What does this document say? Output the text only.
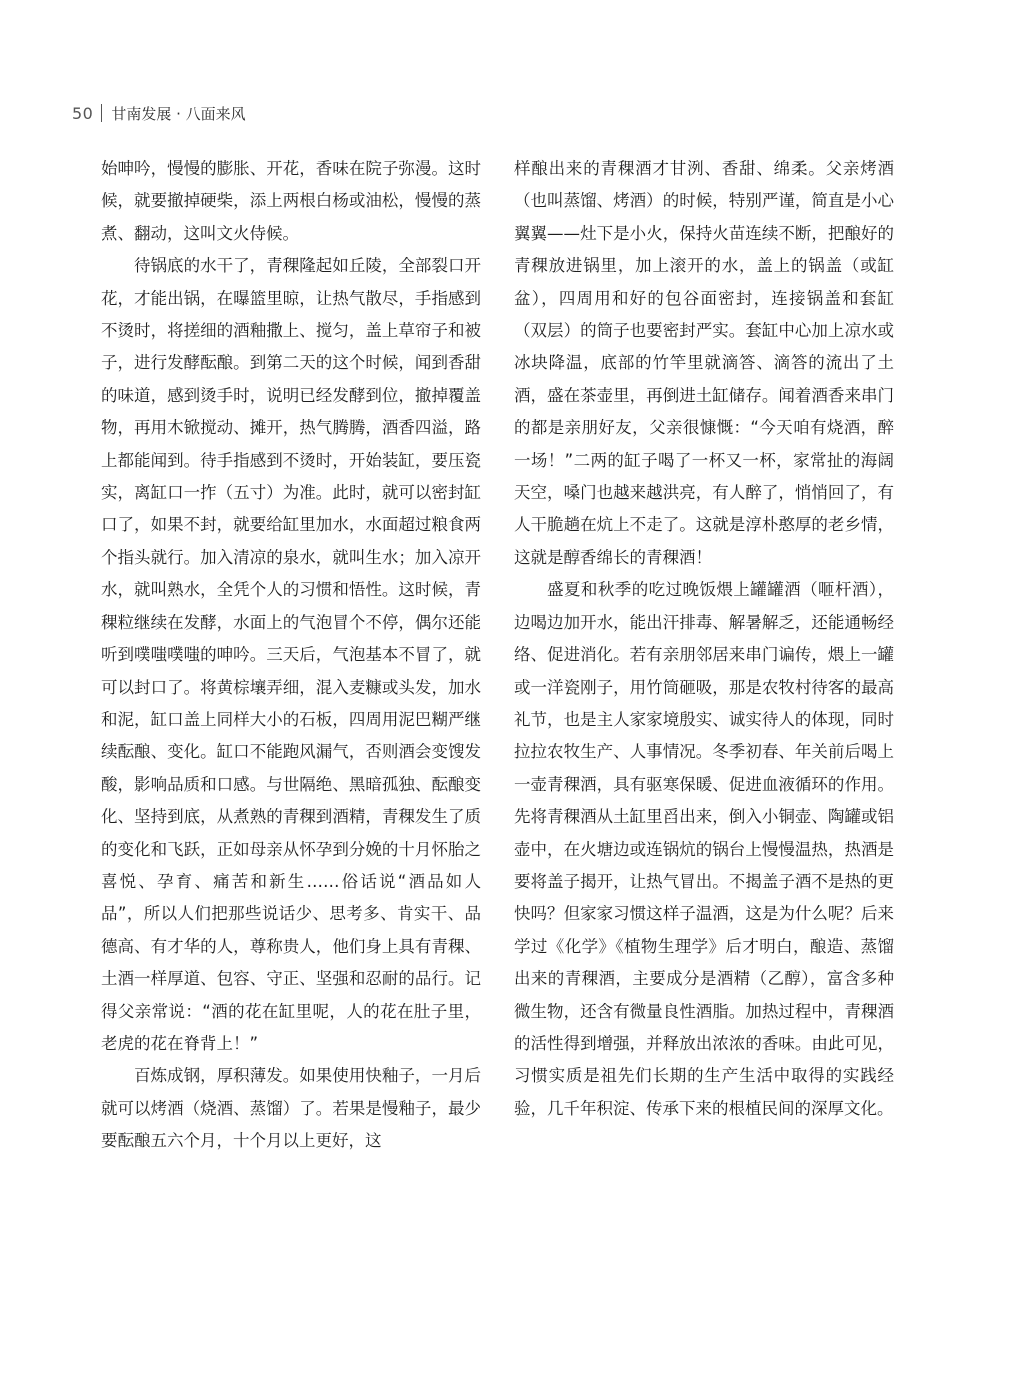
50 甘南发展 · 八面来风

始呻吟，慢慢的膨胀、开花，香味在院子弥漫。这时候，就要撤掉硬柴，添上两根白杨或油松，慢慢的蒸煮、翻动，这叫文火侍候。

待锅底的水干了，青稞隆起如丘陵，全部裂口开花，才能出锅，在曝篮里晾，让热气散尽，手指感到不烫时，将搓细的酒釉撒上、搅匀，盖上草帘子和被子，进行发酵酝酿。到第二天的这个时候，闻到香甜的味道，感到烫手时，说明已经发酵到位，撤掉覆盖物，再用木锨搅动、摊开，热气腾腾，酒香四溢，路上都能闻到。待手指感到不烫时，开始装缸，要压瓷实，离缸口一拃（五寸）为准。此时，就可以密封缸口了，如果不封，就要给缸里加水，水面超过粮食两个指头就行。加入清凉的泉水，就叫生水；加入凉开水，就叫熟水，全凭个人的习惯和悟性。这时候，青稞粒继续在发酵，水面上的气泡冒个不停，偶尔还能听到噗嗤噗嗤的呻吟。三天后，气泡基本不冒了，就可以封口了。将黄棕壤弄细，混入麦糠或头发，加水和泥，缸口盖上同样大小的石板，四周用泥巴糊严继续酝酿、变化。缸口不能跑风漏气，否则酒会变馊发酸，影响品质和口感。与世隔绝、黑暗孤独、酝酿变化、坚持到底，从煮熟的青稞到酒精，青稞发生了质的变化和飞跃，正如母亲从怀孕到分娩的十月怀胎之喜悦、孕育、痛苦和新生……俗话说“酒品如人品”，所以人们把那些说话少、思考多、肯实干、品德高、有才华的人，尊称贵人，他们身上具有青稞、土酒一样厚道、包容、守正、坚强和忍耐的品行。记得父亲常说：“酒的花在缸里呢，人的花在肚子里，老虎的花在脊背上！”

百炼成钢，厚积薄发。如果使用快釉子，一月后就可以烤酒（烧酒、蒸馏）了。若果是慢釉子，最少要酝酿五六个月，十个月以上更好，这

样酿出来的青稞酒才甘洌、香甜、绵柔。父亲烤酒（也叫蒸馏、烤酒）的时候，特别严谨，简直是小心翼翼——灶下是小火，保持火苗连续不断，把酿好的青稞放进锅里，加上滚开的水，盖上的锅盖（或缸盆），四周用和好的包谷面密封，连接锅盖和套缸（双层）的筒子也要密封严实。套缸中心加上凉水或冰块降温，底部的竹竿里就滴答、滴答的流出了土酒，盛在茶壶里，再倒进土缸储存。闻着酒香来串门的都是亲朋好友，父亲很慷慨：“今天咱有烧酒，醉一场！”二两的缸子喝了一杯又一杯，家常扯的海阔天空，嗓门也越来越洪亮，有人醉了，悄悄回了，有人干脆趟在炕上不走了。这就是淳朴憨厚的老乡情，这就是醇香绵长的青稞酒！

盛夏和秋季的吃过晚饭煨上罐罐酒（咂杆酒），边喝边加开水，能出汗排毒、解暑解乏，还能通畅经络、促进消化。若有亲朋邻居来串门谝传，煨上一罐或一洋瓷刚子，用竹筒砸吸，那是农牧村待客的最高礼节，也是主人家家境殷实、诚实待人的体现，同时拉拉农牧生产、人事情况。冬季初春、年关前后喝上一壶青稞酒，具有驱寒保暖、促进血液循环的作用。先将青稞酒从土缸里舀出来，倒入小铜壶、陶罐或铝壶中，在火塘边或连锅炕的锅台上慢慢温热，热酒是要将盖子揭开，让热气冒出。不揭盖子酒不是热的更快吗？但家家习惯这样子温酒，这是为什么呢？后来学过《化学》《植物生理学》后才明白，酿造、蒸馏出来的青稞酒，主要成分是酒精（乙醇），富含多种微生物，还含有微量良性酒脂。加热过程中，青稞酒的活性得到增强，并释放出浓浓的香味。由此可见，习惯实质是祖先们长期的生产生活中取得的实践经验，几千年积淀、传承下来的根植民间的深厚文化。
